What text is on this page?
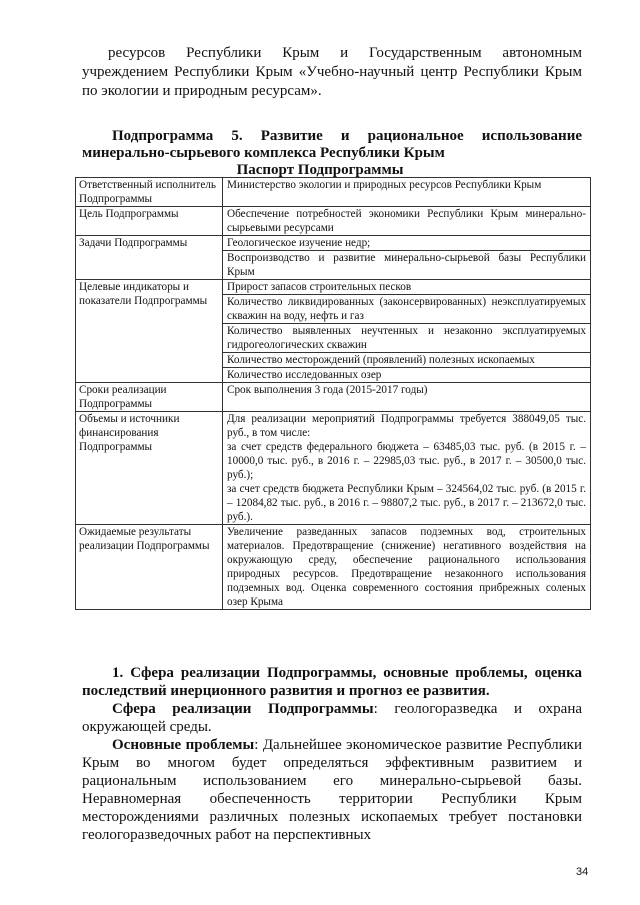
ресурсов Республики Крым и Государственным автономным учреждением Республики Крым «Учебно-научный центр Республики Крым по экологии и природным ресурсам».
Подпрограмма 5. Развитие и рациональное использование минерально-сырьевого комплекса Республики Крым
Паспорт Подпрограммы
Ответственный исполнитель Подпрограммы	Министерство экологии и природных ресурсов Республики Крым

Цель Подпрограммы	Обеспечение потребностей экономики Республики Крым минерально-сырьевыми ресурсами

Задачи Подпрограммы	Геологическое изучение недр;
Воспроизводство и развитие минерально-сырьевой базы Республики Крым

Целевые индикаторы и показатели Подпрограммы	Прирост запасов строительных песков
Количество ликвидированных (законсервированных) неэксплуатируемых скважин на воду, нефть и газ
Количество выявленных неучтенных и незаконно эксплуатируемых гидрогеологических скважин
Количество месторождений (проявлений) полезных ископаемых
Количество исследованных озер

Сроки реализации Подпрограммы	Срок выполнения 3 года (2015-2017 годы)

Объемы и источники финансирования Подпрограммы	Для реализации мероприятий Подпрограммы требуется 388049,05 тыс. руб., в том числе:
за счет средств федерального бюджета – 63485,03 тыс. руб. (в 2015 г. – 10000,0 тыс. руб., в 2016 г. – 22985,03 тыс. руб., в 2017 г. – 30500,0 тыс. руб.);
за счет средств бюджета Республики Крым – 324564,02 тыс. руб. (в 2015 г. – 12084,82 тыс. руб., в 2016 г. – 98807,2 тыс. руб., в 2017 г. – 213672,0 тыс. руб.).

Ожидаемые результаты реализации Подпрограммы	Увеличение разведанных запасов подземных вод, строительных материалов. Предотвращение (снижение) негативного воздействия на окружающую среду, обеспечение рационального использования природных ресурсов. Предотвращение незаконного использования подземных вод. Оценка современного состояния прибрежных соленых озер Крыма

1. Сфера реализации Подпрограммы, основные проблемы, оценка последствий инерционного развития и прогноз ее развития.

Сфера реализации Подпрограммы: геологоразведка и охрана окружающей среды.

Основные проблемы: Дальнейшее экономическое развитие Республики Крым во многом будет определяться эффективным развитием и рациональным использованием его минерально-сырьевой базы. Неравномерная обеспеченность территории Республики Крым месторождениями различных полезных ископаемых требует постановки геологоразведочных работ на перспективных

34
